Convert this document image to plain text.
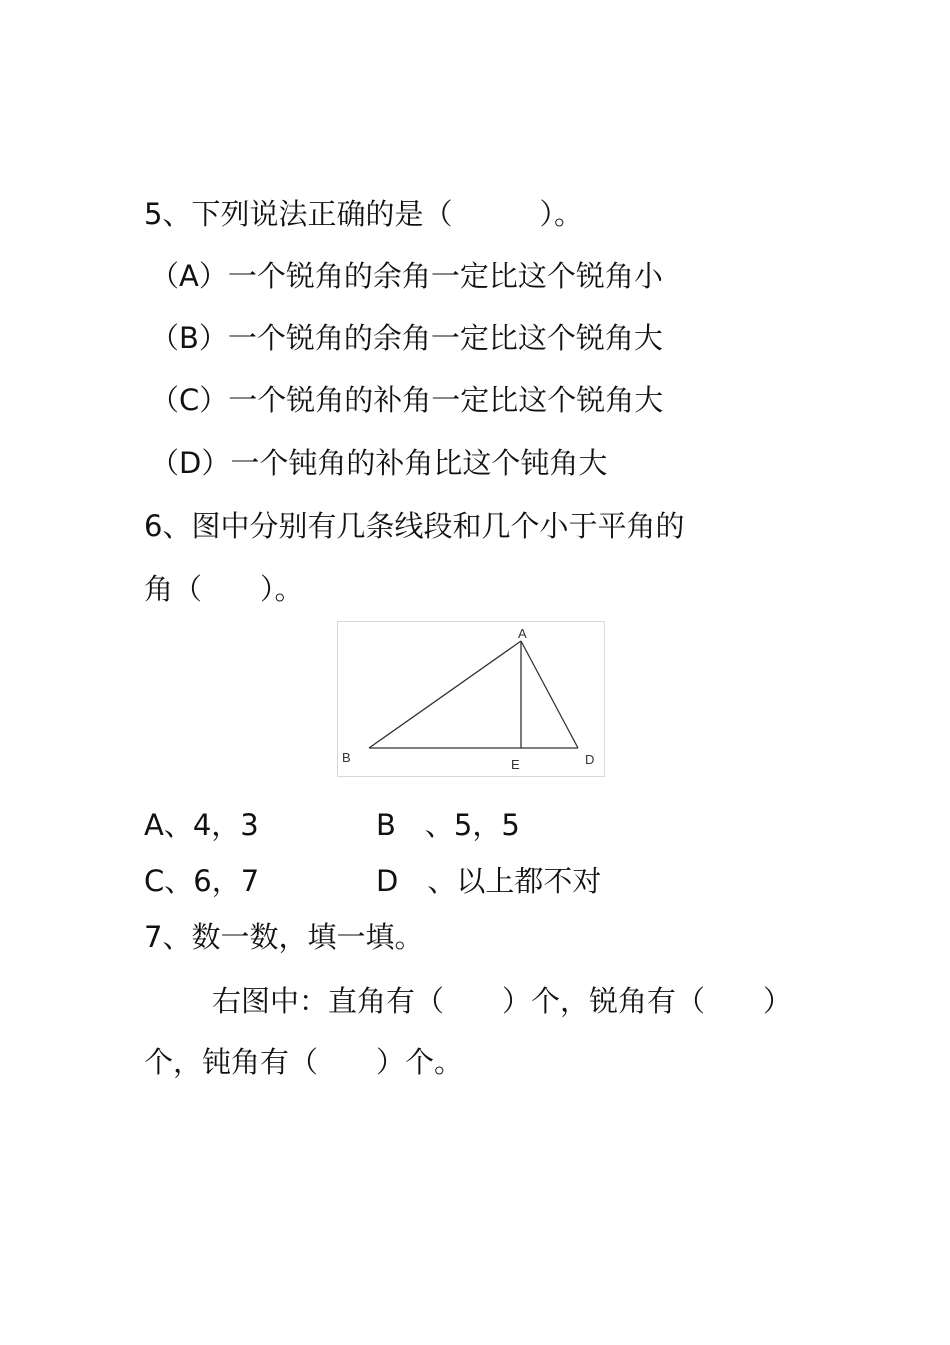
5、下列说法正确的是（　　　）。
（A）一个锐角的余角一定比这个锐角小
（B）一个锐角的余角一定比这个锐角大
（C）一个锐角的补角一定比这个锐角大
（D）一个钝角的补角比这个钝角大
6、图中分别有几条线段和几个小于平角的
角（　　）。
A
B	E	D
A、4，3	B　、5，5
C、6，7	D　、以上都不对
7、数一数，填一填。
右图中：直角有（　　）个，锐角有（　　）
个，钝角有（　　）个。
